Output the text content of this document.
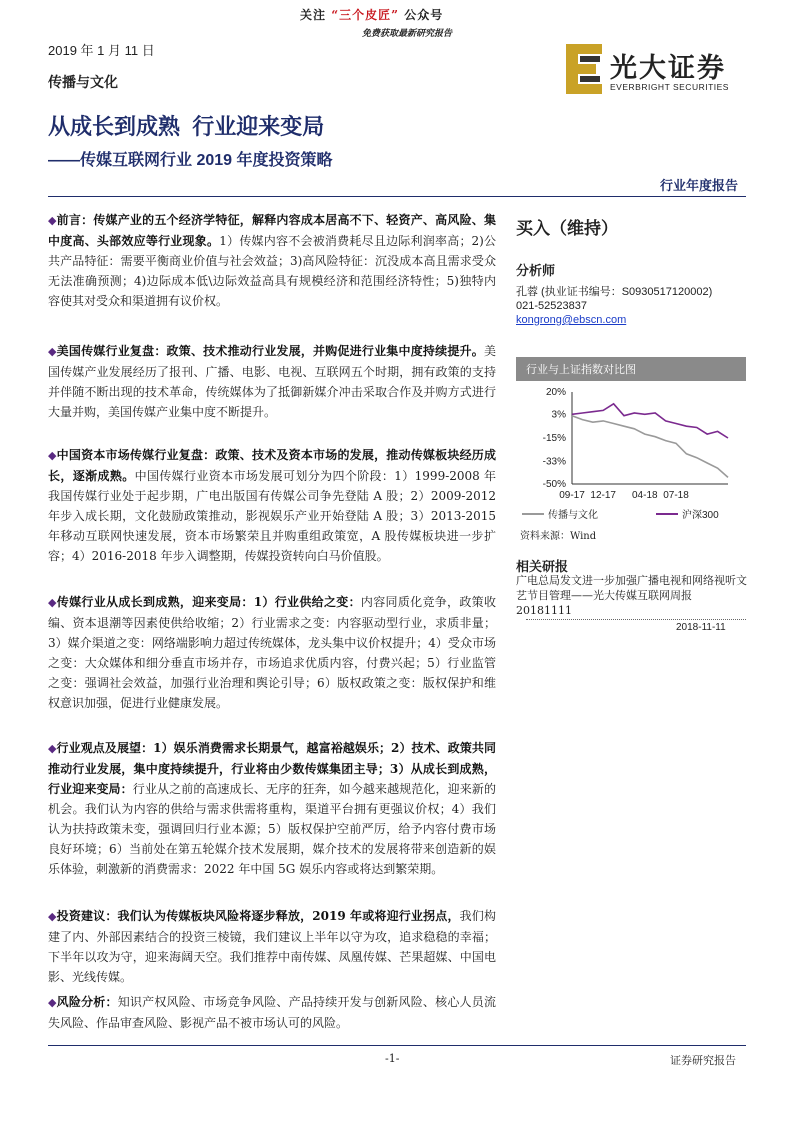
关注 “三个皮匠” 公众号
免费获取最新研究报告
2019 年 1 月 11 日
传播与文化	光大证券
EVERBRIGHT SECURITIES
从成长到成熟  行业迎来变局
——传媒互联网行业 2019 年度投资策略
行业年度报告
◆前言：传媒产业的五个经济学特征，解释内容成本居高不下、轻资产、高风险、集中度高、头部效应等行业现象。1）传媒内容不会被消费耗尽且边际利润率高；2)公共产品特征：需要平衡商业价值与社会效益；3)高风险特征：沉没成本高且需求受众无法准确预测；4)边际成本低\边际效益高具有规模经济和范围经济特性；5)独特内容使其对受众和渠道拥有议价权。
◆美国传媒行业复盘：政策、技术推动行业发展，并购促进行业集中度持续提升。美国传媒产业发展经历了报刊、广播、电影、电视、互联网五个时期，拥有政策的支持并伴随不断出现的技术革命，传统媒体为了抵御新媒介冲击采取合作及并购方式进行大量并购，美国传媒产业集中度不断提升。
◆中国资本市场传媒行业复盘：政策、技术及资本市场的发展，推动传媒板块经历成长，逐渐成熟。中国传媒行业资本市场发展可划分为四个阶段：1）1999-2008 年我国传媒行业处于起步期，广电出版国有传媒公司争先登陆 A 股；2）2009-2012 年步入成长期，文化鼓励政策推动，影视娱乐产业开始登陆 A 股；3）2013-2015 年移动互联网快速发展，资本市场繁荣且并购重组政策宽，A 股传媒板块进一步扩容；4）2016-2018 年步入调整期，传媒投资转向白马价值股。
◆传媒行业从成长到成熟，迎来变局：1）行业供给之变：内容同质化竞争，政策收编、资本退潮等因素使供给收缩；2）行业需求之变：内容驱动型行业，求质非量；3）媒介渠道之变：网络端影响力超过传统媒体，龙头集中议价权提升；4）受众市场之变：大众媒体和细分垂直市场并存，市场追求优质内容，付费兴起；5）行业监管之变：强调社会效益，加强行业治理和舆论引导；6）版权政策之变：版权保护和维权意识加强，促进行业健康发展。
◆行业观点及展望：1）娱乐消费需求长期景气，越富裕越娱乐；2）技术、政策共同推动行业发展，集中度持续提升，行业将由少数传媒集团主导；3）从成长到成熟，行业迎来变局：行业从之前的高速成长、无序的狂奔，如今越来越规范化，迎来新的机会。我们认为内容的供给与需求供需将重构，渠道平台拥有更强议价权；4）我们认为扶持政策未变，强调回归行业本源；5）版权保护空前严厉，给予内容付费市场良好环境；6）当前处在第五轮媒介技术发展期，媒介技术的发展将带来创造新的娱乐体验，刺激新的消费需求：2022 年中国 5G 娱乐内容或将达到繁荣期。
◆投资建议：我们认为传媒板块风险将逐步释放，2019 年或将迎行业拐点，我们构建了内、外部因素结合的投资三棱镜，我们建议上半年以守为攻，追求稳稳的幸福；下半年以攻为守，迎来海阔天空。我们推荐中南传媒、凤凰传媒、芒果超媒、中国电影、光线传媒。
◆风险分析：知识产权风险、市场竞争风险、产品持续开发与创新风险、核心人员流失风险、作品审查风险、影视产品不被市场认可的风险。
买入（维持）
分析师
孔蓉 (执业证书编号：S0930517120002)
021-52523837
kongrong@ebscn.com
行业与上证指数对比图
20%
3%
-15%
-33%
-50%
09-17 12-17 04-18 07-18
传播与文化	沪深300
资料来源：Wind
相关研报
广电总局发文进一步加强广播电视和网络视听文艺节目管理——光大传媒互联网周报 20181111
2018-11-11
-1-	证券研究报告
